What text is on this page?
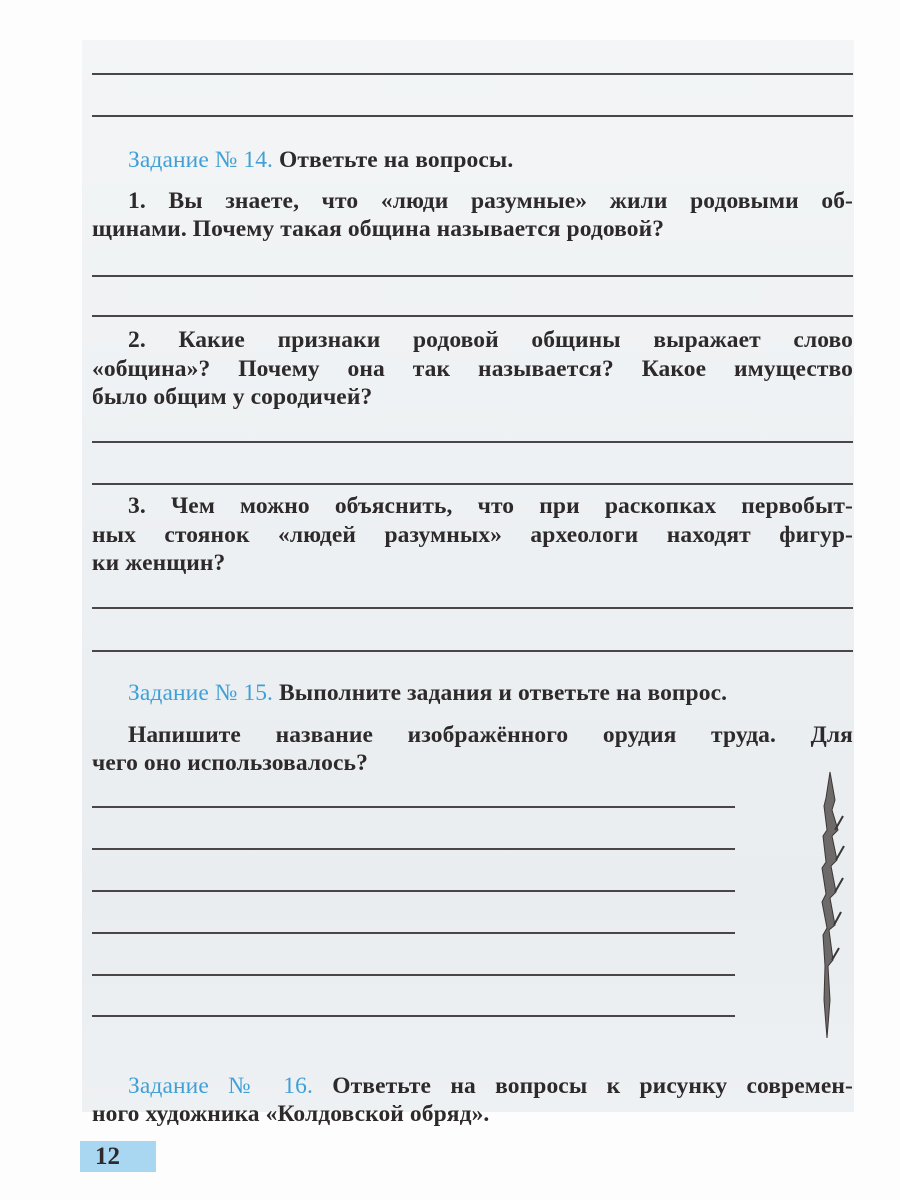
Задание № 14. Ответьте на вопросы.
1. Вы знаете, что «люди разумные» жили родовыми об-
щинами. Почему такая община называется родовой?
2. Какие признаки родовой общины выражает слово
«община»? Почему она так называется? Какое имущество
было общим у сородичей?
3. Чем можно объяснить, что при раскопках первобыт-
ных стоянок «людей разумных» археологи находят фигур-
ки женщин?
Задание № 15. Выполните задания и ответьте на вопрос.
Напишите название изображённого орудия труда. Для
чего оно использовалось?
Задание № 16. Ответьте на вопросы к рисунку современ-
ного художника «Колдовской обряд».
12
